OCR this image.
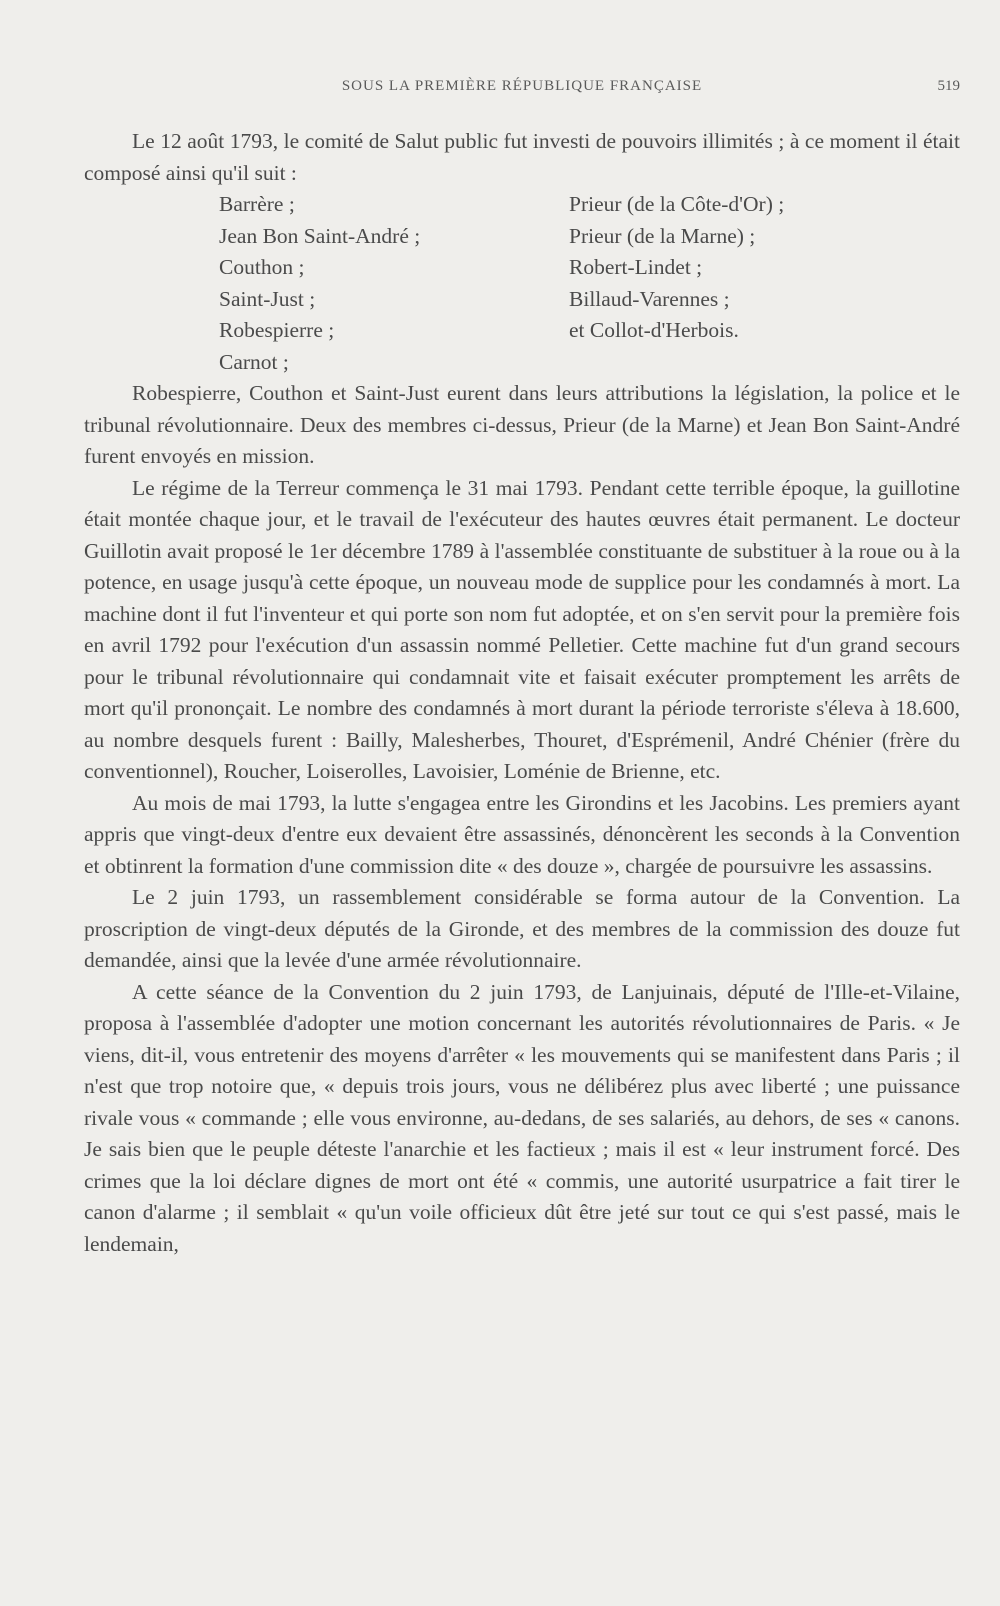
SOUS LA PREMIÈRE RÉPUBLIQUE FRANÇAISE	519

Le 12 août 1793, le comité de Salut public fut investi de pouvoirs illimités ; à ce moment il était composé ainsi qu'il suit :

Barrère ;
Jean Bon Saint-André ;
Couthon ;
Saint-Just ;
Robespierre ;
Carnot ;
Prieur (de la Côte-d'Or) ;
Prieur (de la Marne) ;
Robert-Lindet ;
Billaud-Varennes ;
et Collot-d'Herbois.

Robespierre, Couthon et Saint-Just eurent dans leurs attributions la législation, la police et le tribunal révolutionnaire. Deux des membres ci-dessus, Prieur (de la Marne) et Jean Bon Saint-André furent envoyés en mission.

Le régime de la Terreur commença le 31 mai 1793. Pendant cette terrible époque, la guillotine était montée chaque jour, et le travail de l'exécuteur des hautes œuvres était permanent. Le docteur Guillotin avait proposé le 1er décembre 1789 à l'assemblée constituante de substituer à la roue ou à la potence, en usage jusqu'à cette époque, un nouveau mode de supplice pour les condamnés à mort. La machine dont il fut l'inventeur et qui porte son nom fut adoptée, et on s'en servit pour la première fois en avril 1792 pour l'exécution d'un assassin nommé Pelletier. Cette machine fut d'un grand secours pour le tribunal révolutionnaire qui condamnait vite et faisait exécuter promptement les arrêts de mort qu'il prononçait. Le nombre des condamnés à mort durant la période terroriste s'éleva à 18.600, au nombre desquels furent : Bailly, Malesherbes, Thouret, d'Esprémenil, André Chénier (frère du conventionnel), Roucher, Loiserolles, Lavoisier, Loménie de Brienne, etc.

Au mois de mai 1793, la lutte s'engagea entre les Girondins et les Jacobins. Les premiers ayant appris que vingt-deux d'entre eux devaient être assassinés, dénoncèrent les seconds à la Convention et obtinrent la formation d'une commission dite « des douze », chargée de poursuivre les assassins.

Le 2 juin 1793, un rassemblement considérable se forma autour de la Convention. La proscription de vingt-deux députés de la Gironde, et des membres de la commission des douze fut demandée, ainsi que la levée d'une armée révolutionnaire.

A cette séance de la Convention du 2 juin 1793, de Lanjuinais, député de l'Ille-et-Vilaine, proposa à l'assemblée d'adopter une motion concernant les autorités révolutionnaires de Paris. « Je viens, dit-il, vous entretenir des moyens d'arrêter « les mouvements qui se manifestent dans Paris ; il n'est que trop notoire que, « depuis trois jours, vous ne délibérez plus avec liberté ; une puissance rivale vous « commande ; elle vous environne, au-dedans, de ses salariés, au dehors, de ses « canons. Je sais bien que le peuple déteste l'anarchie et les factieux ; mais il est « leur instrument forcé. Des crimes que la loi déclare dignes de mort ont été « commis, une autorité usurpatrice a fait tirer le canon d'alarme ; il semblait « qu'un voile officieux dût être jeté sur tout ce qui s'est passé, mais le lendemain,
